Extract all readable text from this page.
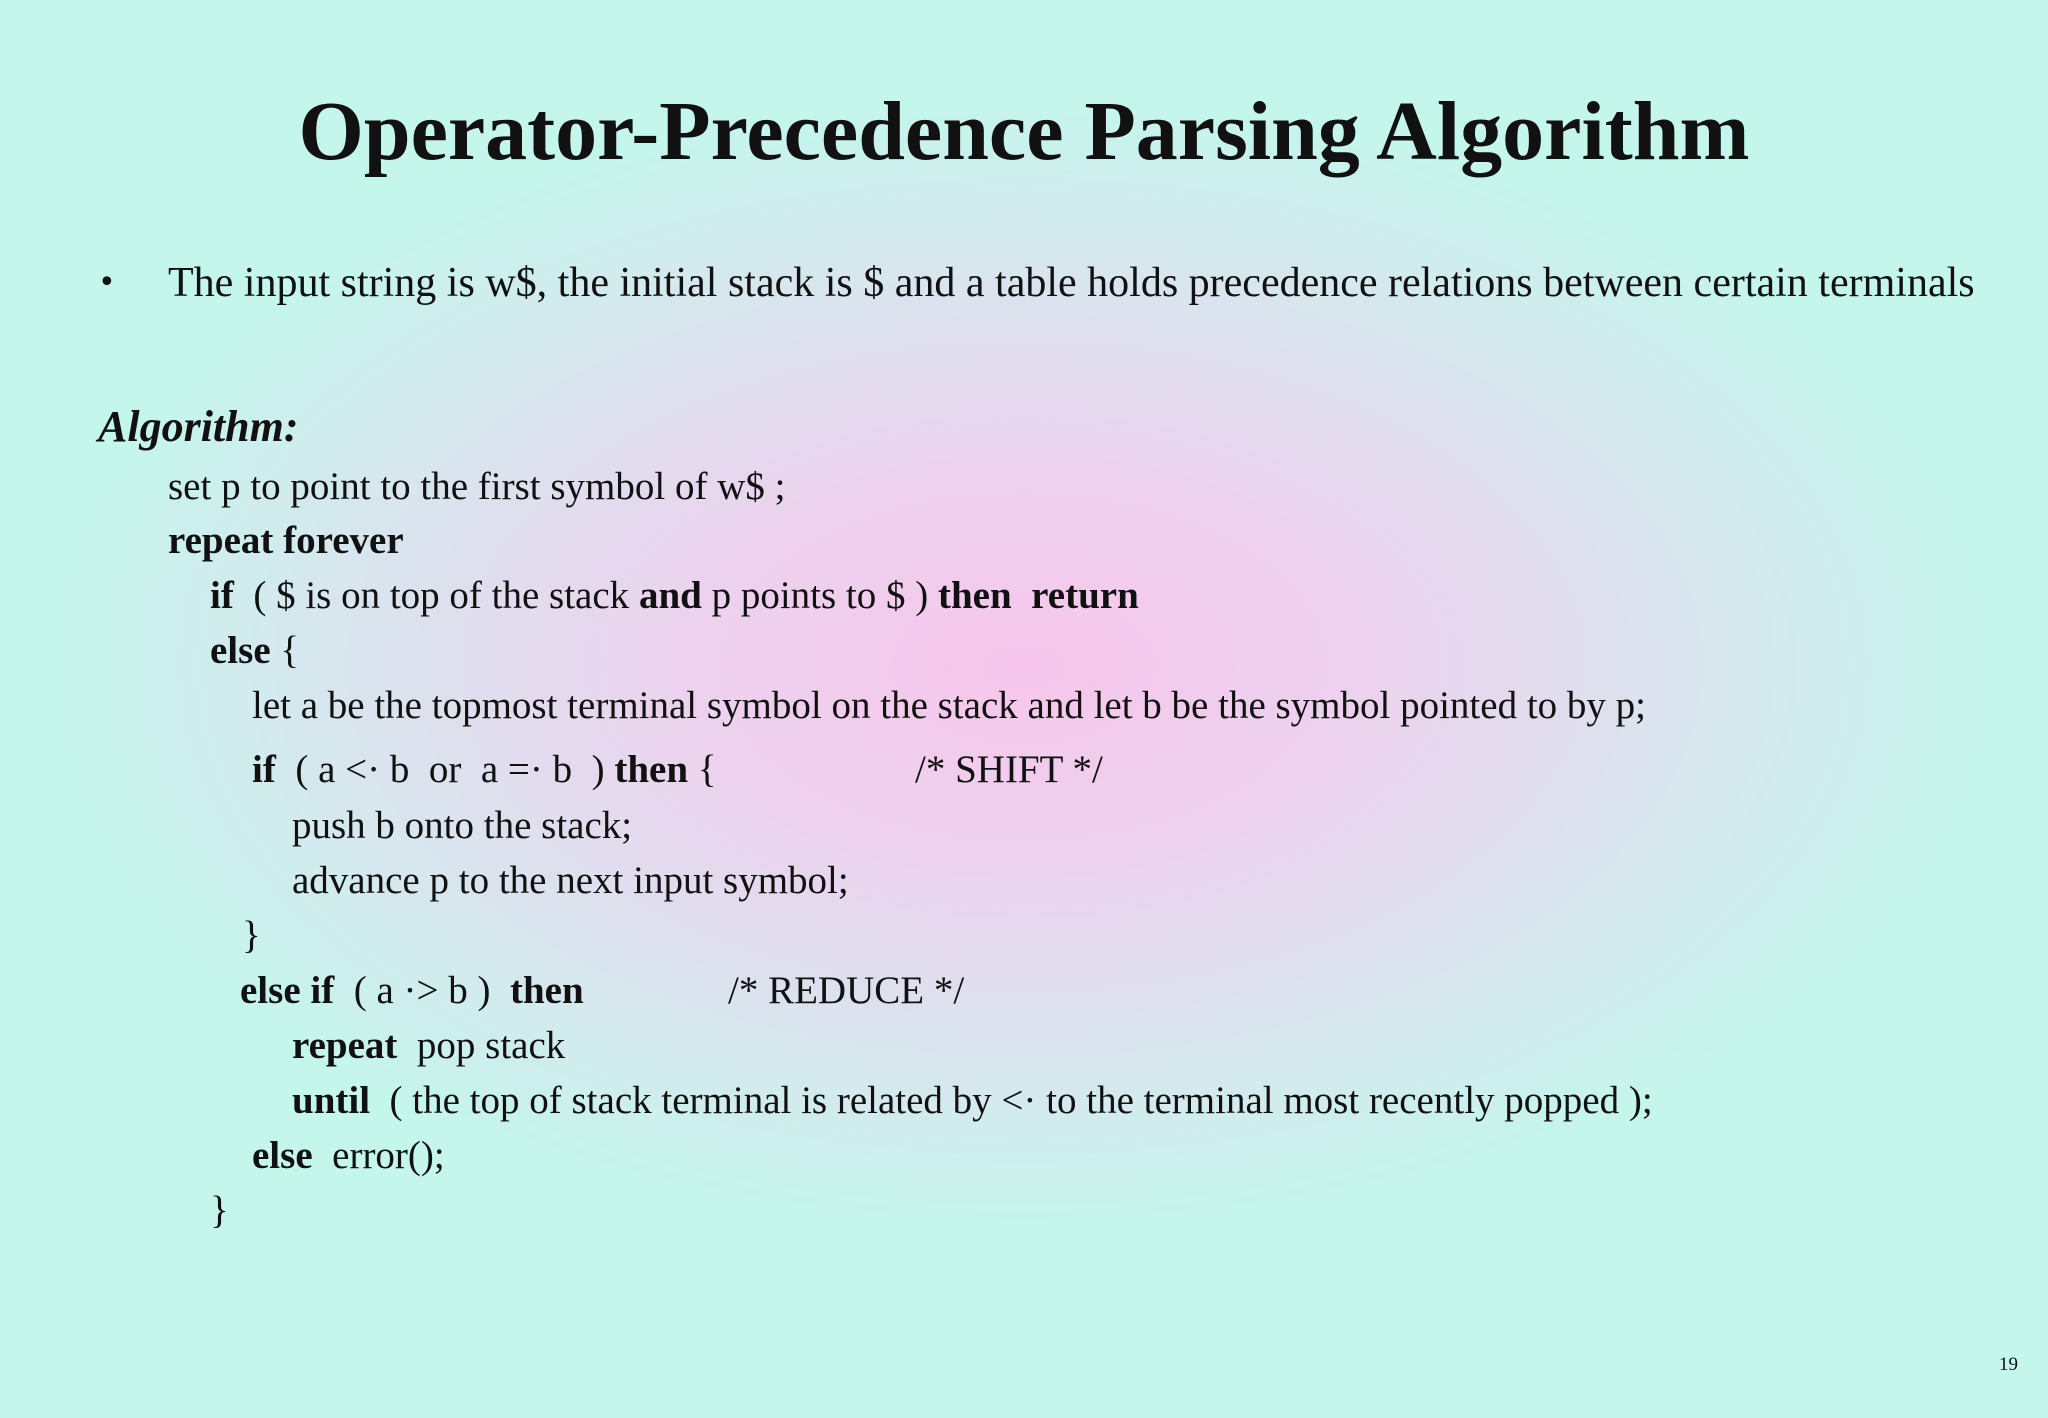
Operator-Precedence Parsing Algorithm
• The input string is w$, the initial stack is $ and a table holds precedence relations between certain terminals
Algorithm:
set p to point to the first symbol of w$ ;
repeat forever
if  ( $ is on top of the stack and p points to $ ) then  return
else {
let a be the topmost terminal symbol on the stack and let b be the symbol pointed to by p;
if  ( a <· b  or  a =· b  ) then {	/* SHIFT */
push b onto the stack;
advance p to the next input symbol;
}
else if  ( a ·> b )  then	/* REDUCE */
repeat  pop stack
until  ( the top of stack terminal is related by <· to the terminal most recently popped );
else  error();
}
19
